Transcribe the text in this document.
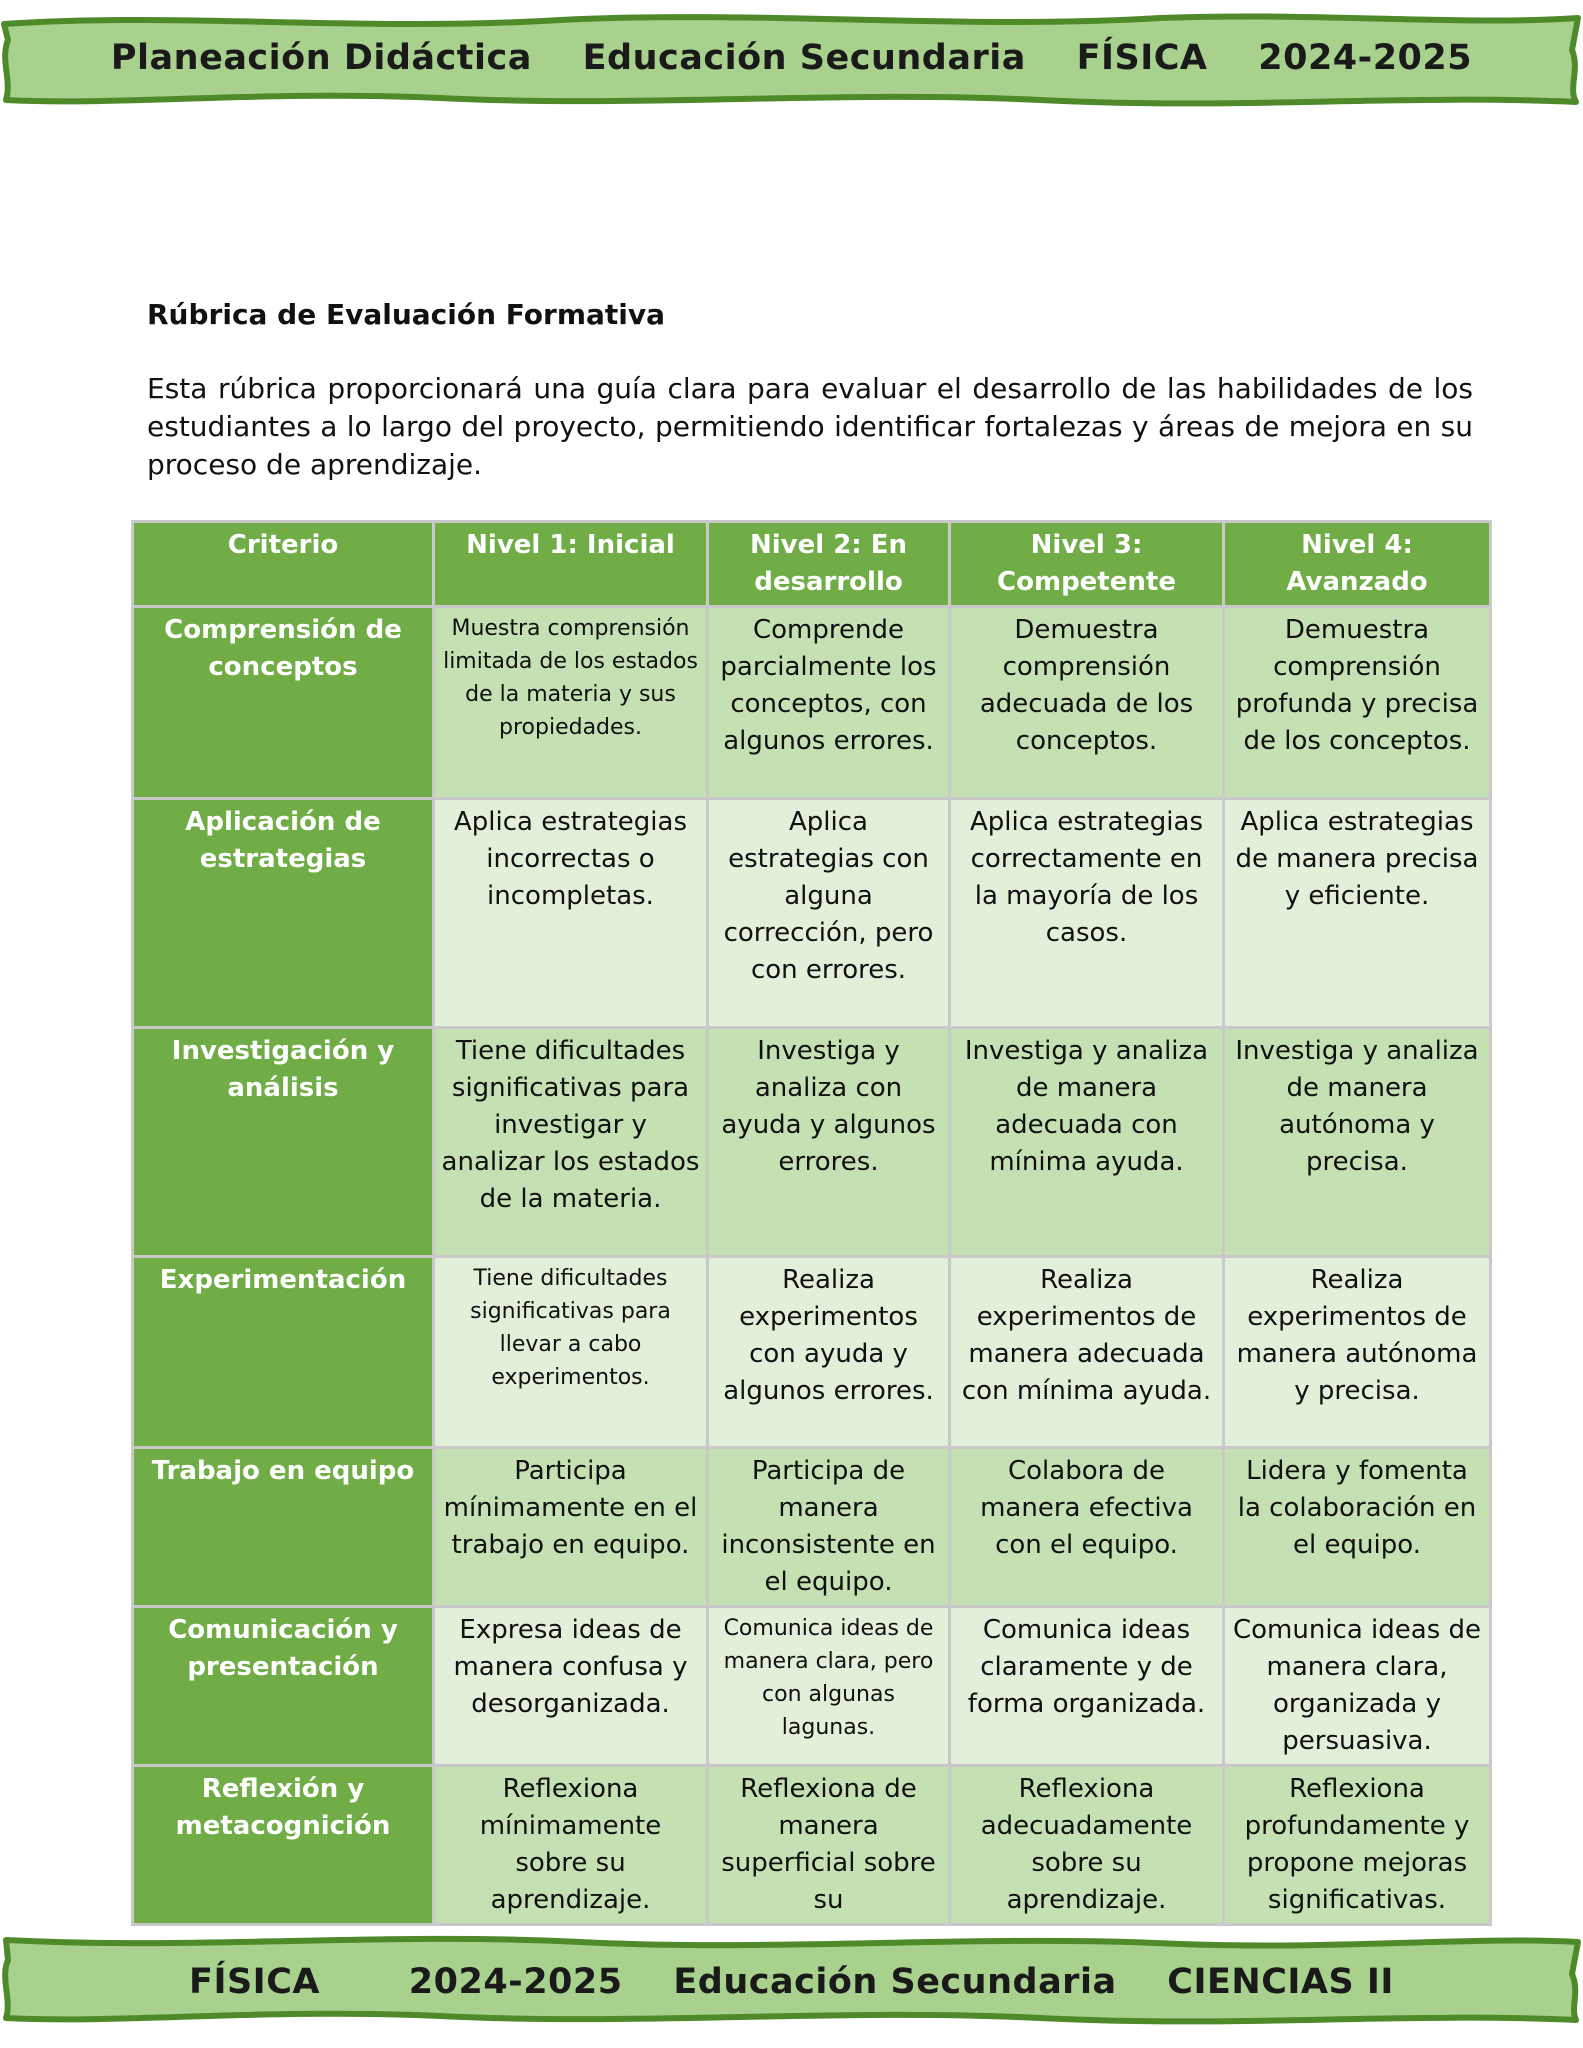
Planeación Didáctica    Educación Secundaria    FÍSICA    2024-2025
Rúbrica de Evaluación Formativa
Esta rúbrica proporcionará una guía clara para evaluar el desarrollo de las habilidades de los estudiantes a lo largo del proyecto, permitiendo identificar fortalezas y áreas de mejora en su proceso de aprendizaje.
Criterio	Nivel 1: Inicial	Nivel 2: En desarrollo	Nivel 3: Competente	Nivel 4: Avanzado
Comprensión de conceptos	Muestra comprensión limitada de los estados de la materia y sus propiedades.	Comprende parcialmente los conceptos, con algunos errores.	Demuestra comprensión adecuada de los conceptos.	Demuestra comprensión profunda y precisa de los conceptos.
Aplicación de estrategias	Aplica estrategias incorrectas o incompletas.	Aplica estrategias con alguna corrección, pero con errores.	Aplica estrategias correctamente en la mayoría de los casos.	Aplica estrategias de manera precisa y eficiente.
Investigación y análisis	Tiene dificultades significativas para investigar y analizar los estados de la materia.	Investiga y analiza con ayuda y algunos errores.	Investiga y analiza de manera adecuada con mínima ayuda.	Investiga y analiza de manera autónoma y precisa.
Experimentación	Tiene dificultades significativas para llevar a cabo experimentos.	Realiza experimentos con ayuda y algunos errores.	Realiza experimentos de manera adecuada con mínima ayuda.	Realiza experimentos de manera autónoma y precisa.
Trabajo en equipo	Participa mínimamente en el trabajo en equipo.	Participa de manera inconsistente en el equipo.	Colabora de manera efectiva con el equipo.	Lidera y fomenta la colaboración en el equipo.
Comunicación y presentación	Expresa ideas de manera confusa y desorganizada.	Comunica ideas de manera clara, pero con algunas lagunas.	Comunica ideas claramente y de forma organizada.	Comunica ideas de manera clara, organizada y persuasiva.
Reflexión y metacognición	Reflexiona mínimamente sobre su aprendizaje.	Reflexiona de manera superficial sobre su	Reflexiona adecuadamente sobre su aprendizaje.	Reflexiona profundamente y propone mejoras significativas.
FÍSICA       2024-2025    Educación Secundaria    CIENCIAS II
